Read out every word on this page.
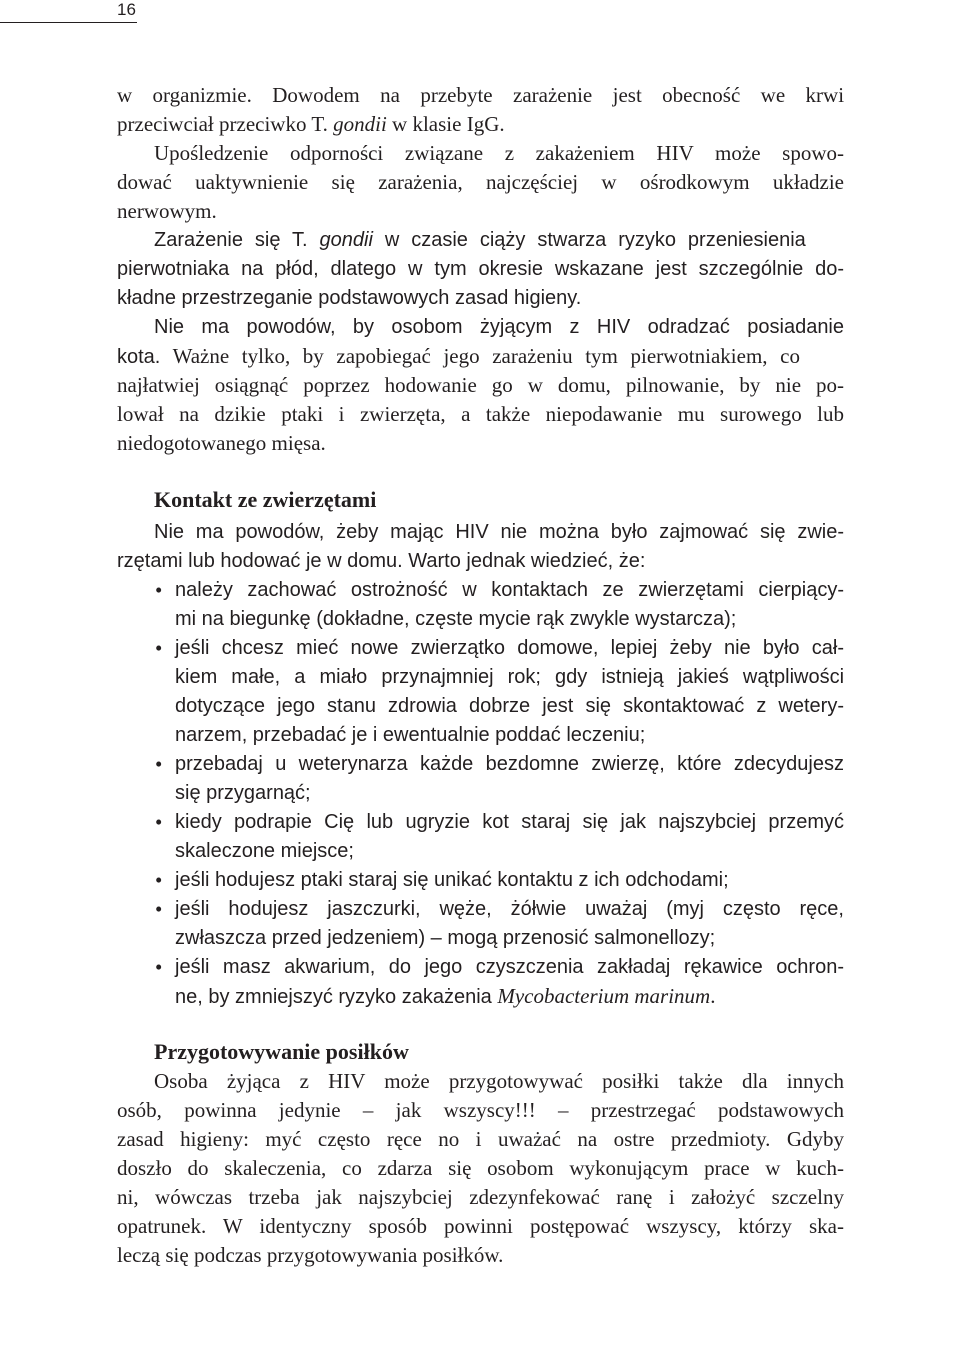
16
w organizmie. Dowodem na przebyte zarażenie jest obecność we krwi
przeciwciał przeciwko T. gondii w klasie IgG.
Upośledzenie odporności związane z zakażeniem HIV może spowo-
dować uaktywnienie się zarażenia, najczęściej w ośrodkowym układzie
nerwowym.
Zarażenie się T. gondii w czasie ciąży stwarza ryzyko przeniesienia
pierwotniaka na płód, dlatego w tym okresie wskazane jest szczególnie do-
kładne przestrzeganie podstawowych zasad higieny.
Nie ma powodów, by osobom żyjącym z HIV odradzać posiadanie
kota. Ważne tylko, by zapobiegać jego zarażeniu tym pierwotniakiem, co
najłatwiej osiągnąć poprzez hodowanie go w domu, pilnowanie, by nie po-
lował na dzikie ptaki i zwierzęta, a także niepodawanie mu surowego lub
niedogotowanego mięsa.
Kontakt ze zwierzętami
Nie ma powodów, żeby mając HIV nie można było zajmować się zwie-
rzętami lub hodować je w domu. Warto jednak wiedzieć, że:
• należy zachować ostrożność w kontaktach ze zwierzętami cierpiący-
mi na biegunkę (dokładne, częste mycie rąk zwykle wystarcza);
• jeśli chcesz mieć nowe zwierzątko domowe, lepiej żeby nie było cał-
kiem małe, a miało przynajmniej rok; gdy istnieją jakieś wątpliwości
dotyczące jego stanu zdrowia dobrze jest się skontaktować z wetery-
narzem, przebadać je i ewentualnie poddać leczeniu;
• przebadaj u weterynarza każde bezdomne zwierzę, które zdecydujesz
się przygarnąć;
• kiedy podrapie Cię lub ugryzie kot staraj się jak najszybciej przemyć
skaleczone miejsce;
• jeśli hodujesz ptaki staraj się unikać kontaktu z ich odchodami;
• jeśli hodujesz jaszczurki, węże, żółwie uważaj (myj często ręce,
zwłaszcza przed jedzeniem) – mogą przenosić salmonellozy;
• jeśli masz akwarium, do jego czyszczenia zakładaj rękawice ochron-
ne, by zmniejszyć ryzyko zakażenia Mycobacterium marinum.
Przygotowywanie posiłków
Osoba żyjąca z HIV może przygotowywać posiłki także dla innych
osób, powinna jedynie – jak wszyscy!!! – przestrzegać podstawowych
zasad higieny: myć często ręce no i uważać na ostre przedmioty. Gdyby
doszło do skaleczenia, co zdarza się osobom wykonującym prace w kuch-
ni, wówczas trzeba jak najszybciej zdezynfekować ranę i założyć szczelny
opatrunek. W identyczny sposób powinni postępować wszyscy, którzy ska-
leczą się podczas przygotowywania posiłków.
